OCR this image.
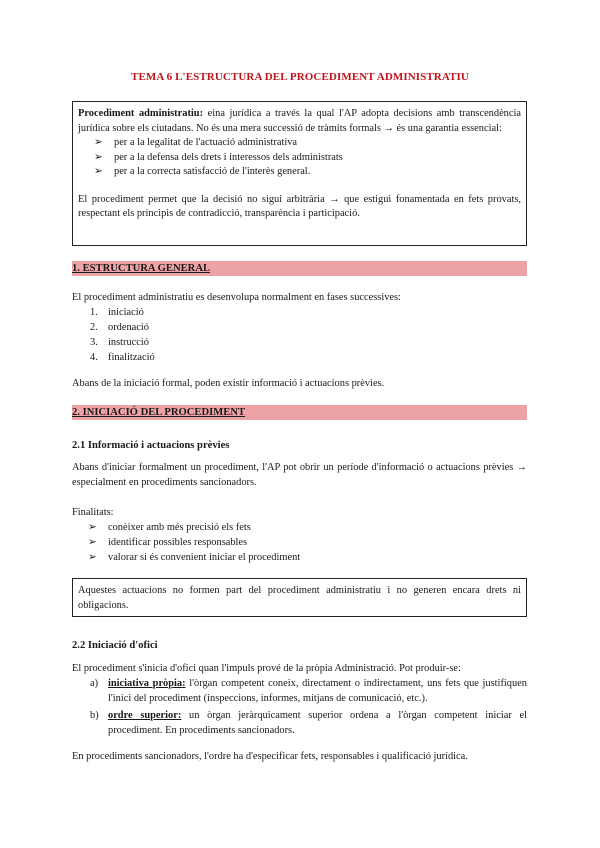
TEMA 6 L'ESTRUCTURA DEL PROCEDIMENT ADMINISTRATIU

Procediment administratiu: eina jurídica a través la qual l'AP adopta decisions amb transcendència jurídica sobre els ciutadans. No és una mera successió de tràmits formals → és una garantia essencial:

➢ per a la legalitat de l'actuació administrativa
➢ per a la defensa dels drets i interessos dels administrats
➢ per a la correcta satisfacció de l'interès general.

El procediment permet que la decisió no sigui arbitrària → que estigui fonamentada en fets provats, respectant els principis de contradicció, transparència i participació.

1. ESTRUCTURA GENERAL
El procediment administratiu es desenvolupa normalment en fases successives:
1. iniciació
2. ordenació
3. instrucció
4. finalització
Abans de la iniciació formal, poden existir informació i actuacions prèvies.
2. INICIACIÓ DEL PROCEDIMENT
2.1 Informació i actuacions prèvies

Abans d'iniciar formalment un procediment, l'AP pot obrir un període d'informació o actuacions prèvies → especialment en procediments sancionadors.

Finalitats:
➢ conèixer amb més precisió els fets
➢ identificar possibles responsables
➢ valorar si és convenient iniciar el procediment

Aquestes actuacions no formen part del procediment administratiu i no generen encara drets ni obligacions.

2.2 Iniciació d'ofici
El procediment s'inicia d'ofici quan l'impuls prové de la pròpia Administració. Pot produir-se:
a) iniciativa pròpia: l'òrgan competent coneix, directament o indirectament, uns fets que justifiquen l'inici del procediment (inspeccions, informes, mitjans de comunicació, etc.).
b) ordre superior: un òrgan jeràrquicament superior ordena a l'òrgan competent iniciar el procediment. En procediments sancionadors.
En procediments sancionadors, l'ordre ha d'especificar fets, responsables i qualificació jurídica.
